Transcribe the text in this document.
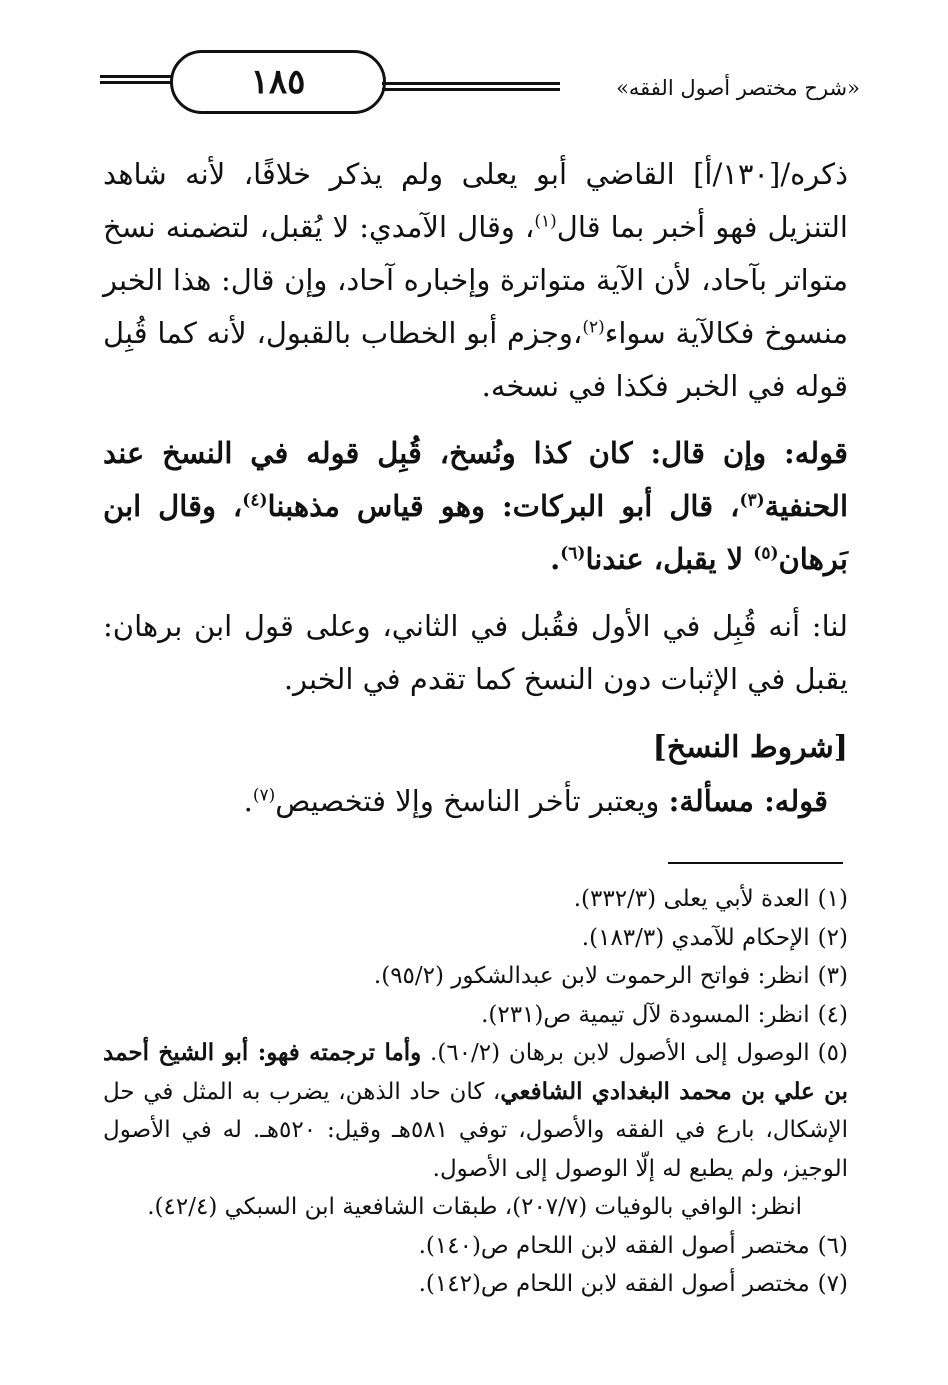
١٨٥	«شرح مختصر أصول الفقه»

ذكره/[١٣٠/أ] القاضي أبو يعلى ولم يذكر خلافًا، لأنه شاهد التنزيل فهو أخبر بما قال$^{(١)}$، وقال الآمدي: لا يُقبل، لتضمنه نسخ متواتر بآحاد، لأن الآية متواترة وإخباره آحاد، وإن قال: هذا الخبر منسوخ فكالآية سواء$^{(٢)}$،وجزم أبو الخطاب بالقبول، لأنه كما قُبِل قوله في الخبر فكذا في نسخه.

قوله: وإن قال: كان كذا ونُسخ، قُبِل قوله في النسخ عند الحنفية$^{(٣)}$، قال أبو البركات: وهو قياس مذهبنا$^{(٤)}$، وقال ابن بَرهان$^{(٥)}$ لا يقبل، عندنا$^{(٦)}$.

لنا: أنه قُبِل في الأول فقُبل في الثاني، وعلى قول ابن برهان: يقبل في الإثبات دون النسخ كما تقدم في الخبر.

[شروط النسخ]
قوله: مسألة: ويعتبر تأخر الناسخ وإلا فتخصيص$^{(٧)}$.

(١)العدة لأبي يعلى (٣٣٢/٣).

(٢)الإحكام للآمدي (١٨٣/٣).

(٣)انظر: فواتح الرحموت لابن عبدالشكور (٩٥/٢).

(٤)انظر: المسودة لآل تيمية ص(٢٣١).

(٥)الوصول إلى الأصول لابن برهان (٦٠/٢). وأما ترجمته فهو: أبو الشيخ أحمد بن علي بن محمد البغدادي الشافعي، كان حاد الذهن، يضرب به المثل في حل الإشكال، بارع في الفقه والأصول، توفي ٥٨١هـ وقيل: ٥٢٠هـ. له في الأصول الوجيز، ولم يطبع له إلّا الوصول إلى الأصول.

انظر: الوافي بالوفيات (٢٠٧/٧)، طبقات الشافعية ابن السبكي (٤٢/٤).

(٦)مختصر أصول الفقه لابن اللحام ص(١٤٠).

(٧)مختصر أصول الفقه لابن اللحام ص(١٤٢).
